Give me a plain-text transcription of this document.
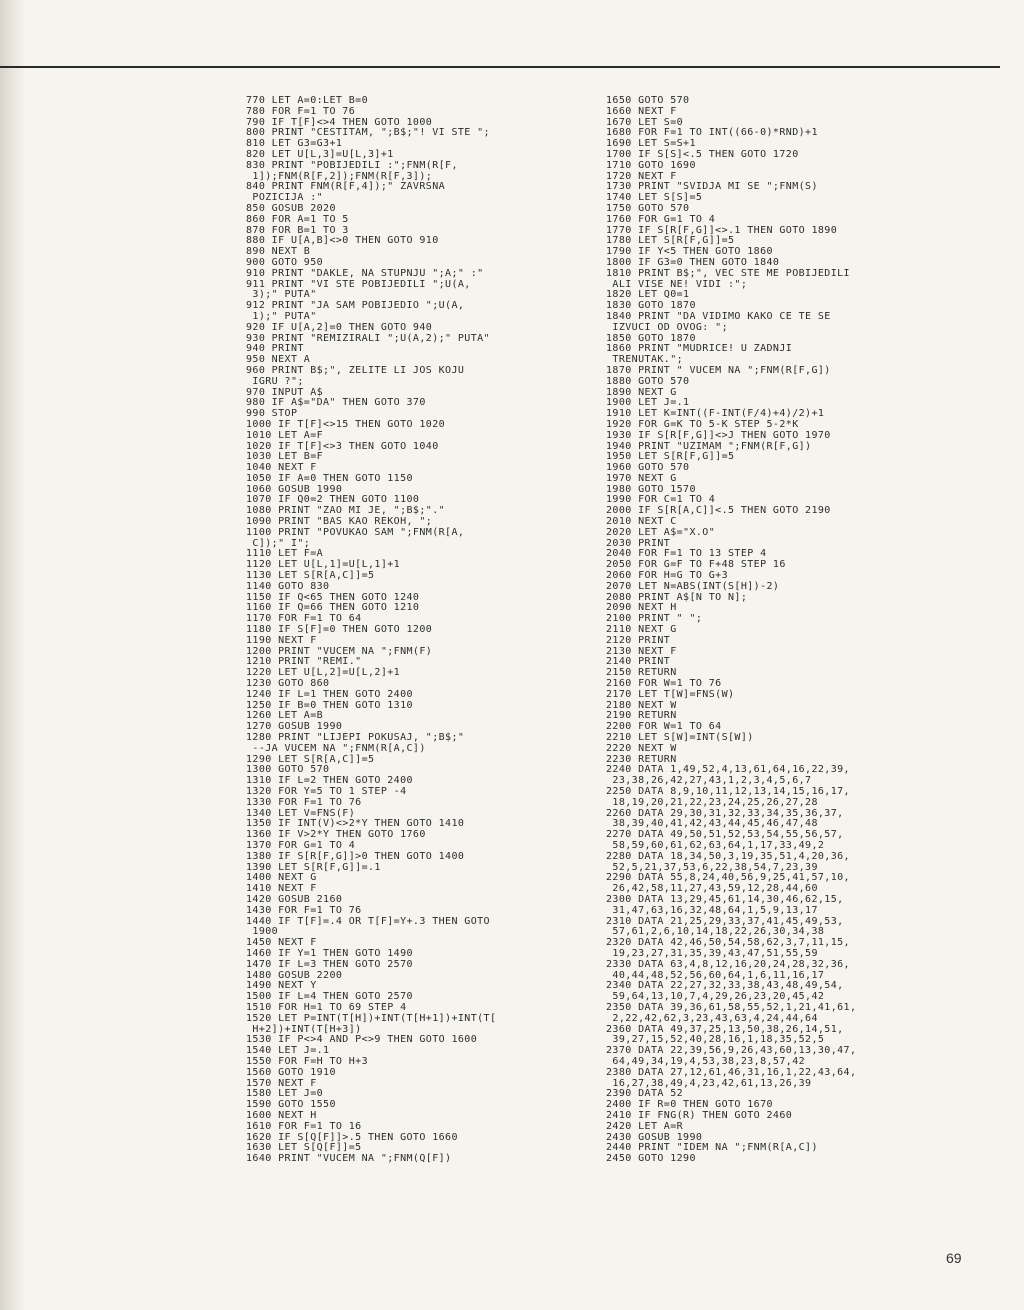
770 LET A=0:LET B=0
780 FOR F=1 TO 76
790 IF T[F]<>4 THEN GOTO 1000
800 PRINT "CESTITAM, ";B$;"! VI STE ";
810 LET G3=G3+1
820 LET U[L,3]=U[L,3]+1
830 PRINT "POBIJEDILI :";FNM(R[F,
1]);FNM(R[F,2]);FNM(R[F,3]);
840 PRINT FNM(R[F,4]);" ZAVRSNA
POZICIJA :"
850 GOSUB 2020
860 FOR A=1 TO 5
870 FOR B=1 TO 3
880 IF U[A,B]<>0 THEN GOTO 910
890 NEXT B
900 GOTO 950
910 PRINT "DAKLE, NA STUPNJU ";A;" :"
911 PRINT "VI STE POBIJEDILI ";U(A,
3);" PUTA"
912 PRINT "JA SAM POBIJEDIO ";U(A,
1);" PUTA"
920 IF U[A,2]=0 THEN GOTO 940
930 PRINT "REMIZIRALI ";U(A,2);" PUTA"
940 PRINT
950 NEXT A
960 PRINT B$;", ZELITE LI JOS KOJU
IGRU ?";
970 INPUT A$
980 IF A$="DA" THEN GOTO 370
990 STOP
1000 IF T[F]<>15 THEN GOTO 1020
1010 LET A=F
1020 IF T[F]<>3 THEN GOTO 1040
1030 LET B=F
1040 NEXT F
1050 IF A=0 THEN GOTO 1150
1060 GOSUB 1990
1070 IF Q0=2 THEN GOTO 1100
1080 PRINT "ZAO MI JE, ";B$;"."
1090 PRINT "BAS KAO REKOH, ";
1100 PRINT "POVUKAO SAM ";FNM(R[A,
C]);" I";
1110 LET F=A
1120 LET U[L,1]=U[L,1]+1
1130 LET S[R[A,C]]=5
1140 GOTO 830
1150 IF Q<65 THEN GOTO 1240
1160 IF Q=66 THEN GOTO 1210
1170 FOR F=1 TO 64
1180 IF S[F]=0 THEN GOTO 1200
1190 NEXT F
1200 PRINT "VUCEM NA ";FNM(F)
1210 PRINT "REMI."
1220 LET U[L,2]=U[L,2]+1
1230 GOTO 860
1240 IF L=1 THEN GOTO 2400
1250 IF B=0 THEN GOTO 1310
1260 LET A=B
1270 GOSUB 1990
1280 PRINT "LIJEPI POKUSAJ, ";B$;"
--JA VUCEM NA ";FNM(R[A,C])
1290 LET S[R[A,C]]=5
1300 GOTO 570
1310 IF L=2 THEN GOTO 2400
1320 FOR Y=5 TO 1 STEP -4
1330 FOR F=1 TO 76
1340 LET V=FNS(F)
1350 IF INT(V)<>2*Y THEN GOTO 1410
1360 IF V>2*Y THEN GOTO 1760
1370 FOR G=1 TO 4
1380 IF S[R[F,G]]>0 THEN GOTO 1400
1390 LET S[R[F,G]]=.1
1400 NEXT G
1410 NEXT F
1420 GOSUB 2160
1430 FOR F=1 TO 76
1440 IF T[F]=.4 OR T[F]=Y+.3 THEN GOTO
1900
1450 NEXT F
1460 IF Y=1 THEN GOTO 1490
1470 IF L=3 THEN GOTO 2570
1480 GOSUB 2200
1490 NEXT Y
1500 IF L=4 THEN GOTO 2570
1510 FOR H=1 TO 69 STEP 4
1520 LET P=INT(T[H])+INT(T[H+1])+INT(T[
H+2])+INT(T[H+3])
1530 IF P<>4 AND P<>9 THEN GOTO 1600
1540 LET J=.1
1550 FOR F=H TO H+3
1560 GOTO 1910
1570 NEXT F
1580 LET J=0
1590 GOTO 1550
1600 NEXT H
1610 FOR F=1 TO 16
1620 IF S[Q[F]]>.5 THEN GOTO 1660
1630 LET S[Q[F]]=5
1640 PRINT "VUCEM NA ";FNM(Q[F])
1650 GOTO 570
1660 NEXT F
1670 LET S=0
1680 FOR F=1 TO INT((66-0)*RND)+1
1690 LET S=S+1
1700 IF S[S]<.5 THEN GOTO 1720
1710 GOTO 1690
1720 NEXT F
1730 PRINT "SVIDJA MI SE ";FNM(S)
1740 LET S[S]=5
1750 GOTO 570
1760 FOR G=1 TO 4
1770 IF S[R[F,G]]<>.1 THEN GOTO 1890
1780 LET S[R[F,G]]=5
1790 IF Y<5 THEN GOTO 1860
1800 IF G3=0 THEN GOTO 1840
1810 PRINT B$;", VEC STE ME POBIJEDILI
ALI VISE NE! VIDI :";
1820 LET Q0=1
1830 GOTO 1870
1840 PRINT "DA VIDIMO KAKO CE TE SE
IZVUCI OD OVOG: ";
1850 GOTO 1870
1860 PRINT "MUDRICE! U ZADNJI
TRENUTAK.";
1870 PRINT " VUCEM NA ";FNM(R[F,G])
1880 GOTO 570
1890 NEXT G
1900 LET J=.1
1910 LET K=INT((F-INT(F/4)+4)/2)+1
1920 FOR G=K TO 5-K STEP 5-2*K
1930 IF S[R[F,G]]<>J THEN GOTO 1970
1940 PRINT "UZIMAM ";FNM(R[F,G])
1950 LET S[R[F,G]]=5
1960 GOTO 570
1970 NEXT G
1980 GOTO 1570
1990 FOR C=1 TO 4
2000 IF S[R[A,C]]<.5 THEN GOTO 2190
2010 NEXT C
2020 LET A$="X.O"
2030 PRINT
2040 FOR F=1 TO 13 STEP 4
2050 FOR G=F TO F+48 STEP 16
2060 FOR H=G TO G+3
2070 LET N=ABS(INT(S[H])-2)
2080 PRINT A$[N TO N];
2090 NEXT H
2100 PRINT " ";
2110 NEXT G
2120 PRINT
2130 NEXT F
2140 PRINT
2150 RETURN
2160 FOR W=1 TO 76
2170 LET T[W]=FNS(W)
2180 NEXT W
2190 RETURN
2200 FOR W=1 TO 64
2210 LET S[W]=INT(S[W])
2220 NEXT W
2230 RETURN
2240 DATA 1,49,52,4,13,61,64,16,22,39,
23,38,26,42,27,43,1,2,3,4,5,6,7
2250 DATA 8,9,10,11,12,13,14,15,16,17,
18,19,20,21,22,23,24,25,26,27,28
2260 DATA 29,30,31,32,33,34,35,36,37,
38,39,40,41,42,43,44,45,46,47,48
2270 DATA 49,50,51,52,53,54,55,56,57,
58,59,60,61,62,63,64,1,17,33,49,2
2280 DATA 18,34,50,3,19,35,51,4,20,36,
52,5,21,37,53,6,22,38,54,7,23,39
2290 DATA 55,8,24,40,56,9,25,41,57,10,
26,42,58,11,27,43,59,12,28,44,60
2300 DATA 13,29,45,61,14,30,46,62,15,
31,47,63,16,32,48,64,1,5,9,13,17
2310 DATA 21,25,29,33,37,41,45,49,53,
57,61,2,6,10,14,18,22,26,30,34,38
2320 DATA 42,46,50,54,58,62,3,7,11,15,
19,23,27,31,35,39,43,47,51,55,59
2330 DATA 63,4,8,12,16,20,24,28,32,36,
40,44,48,52,56,60,64,1,6,11,16,17
2340 DATA 22,27,32,33,38,43,48,49,54,
59,64,13,10,7,4,29,26,23,20,45,42
2350 DATA 39,36,61,58,55,52,1,21,41,61,
2,22,42,62,3,23,43,63,4,24,44,64
2360 DATA 49,37,25,13,50,38,26,14,51,
39,27,15,52,40,28,16,1,18,35,52,5
2370 DATA 22,39,56,9,26,43,60,13,30,47,
64,49,34,19,4,53,38,23,8,57,42
2380 DATA 27,12,61,46,31,16,1,22,43,64,
16,27,38,49,4,23,42,61,13,26,39
2390 DATA 52
2400 IF R=0 THEN GOTO 1670
2410 IF FNG(R) THEN GOTO 2460
2420 LET A=R
2430 GOSUB 1990
2440 PRINT "IDEM NA ";FNM(R[A,C])
2450 GOTO 1290
69
